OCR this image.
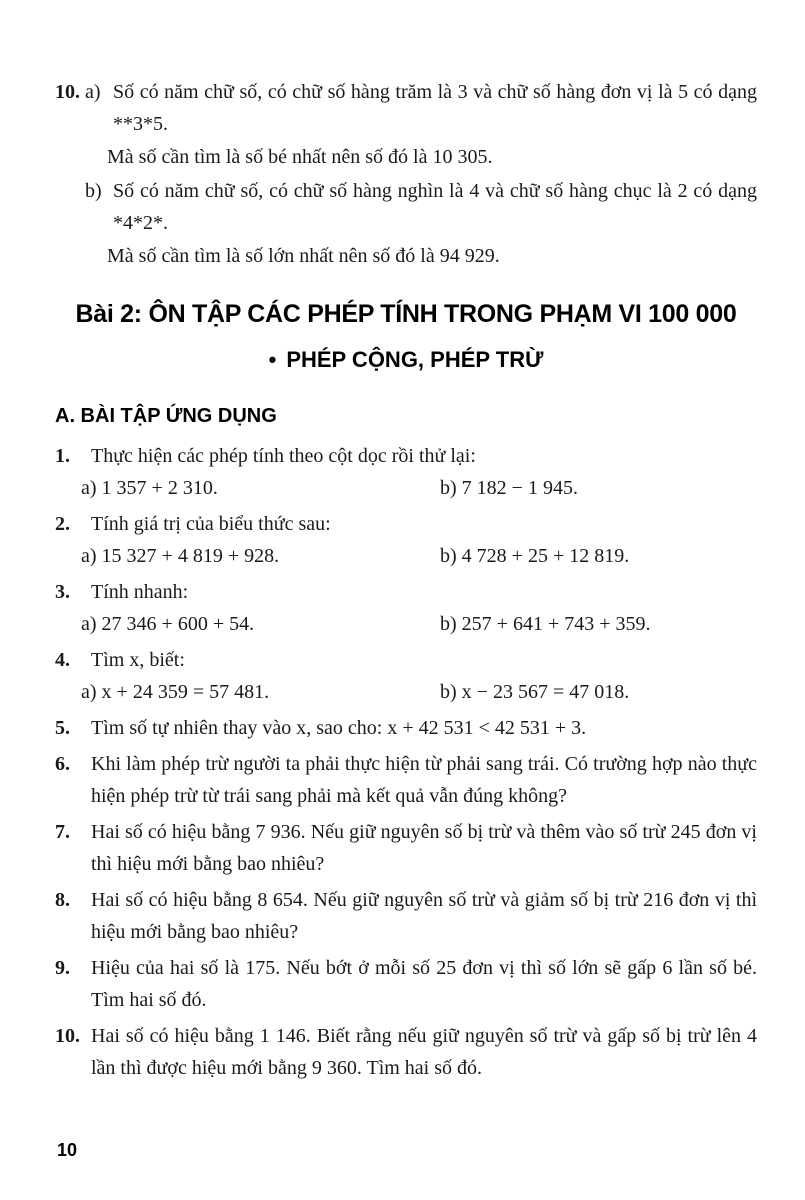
10. a) Số có năm chữ số, có chữ số hàng trăm là 3 và chữ số hàng đơn vị là 5 có dạng **3*5.
Mà số cần tìm là số bé nhất nên số đó là 10 305.
b) Số có năm chữ số, có chữ số hàng nghìn là 4 và chữ số hàng chục là 2 có dạng *4*2*.
Mà số cần tìm là số lớn nhất nên số đó là 94 929.
Bài 2: ÔN TẬP CÁC PHÉP TÍNH TRONG PHẠM VI 100 000
• PHÉP CỘNG, PHÉP TRỪ
A. BÀI TẬP ỨNG DỤNG
1.	Thực hiện các phép tính theo cột dọc rồi thử lại:
a) 1 357 + 2 310.	b) 7 182 − 1 945.
2.	Tính giá trị của biểu thức sau:
a) 15 327 + 4 819 + 928.	b) 4 728 + 25 + 12 819.
3.	Tính nhanh:
a) 27 346 + 600 + 54.	b) 257 + 641 + 743 + 359.
4.	Tìm x, biết:
a) x + 24 359 = 57 481.	b) x − 23 567 = 47 018.
5.	Tìm số tự nhiên thay vào x, sao cho: x + 42 531 < 42 531 + 3.
6.	Khi làm phép trừ người ta phải thực hiện từ phải sang trái. Có trường hợp nào thực hiện phép trừ từ trái sang phải mà kết quả vẫn đúng không?
7.	Hai số có hiệu bằng 7 936. Nếu giữ nguyên số bị trừ và thêm vào số trừ 245 đơn vị thì hiệu mới bằng bao nhiêu?
8.	Hai số có hiệu bằng 8 654. Nếu giữ nguyên số trừ và giảm số bị trừ 216 đơn vị thì hiệu mới bằng bao nhiêu?
9.	Hiệu của hai số là 175. Nếu bớt ở mỗi số 25 đơn vị thì số lớn sẽ gấp 6 lần số bé. Tìm hai số đó.
10. Hai số có hiệu bằng 1 146. Biết rằng nếu giữ nguyên số trừ và gấp số bị trừ lên 4 lần thì được hiệu mới bằng 9 360. Tìm hai số đó.
10
